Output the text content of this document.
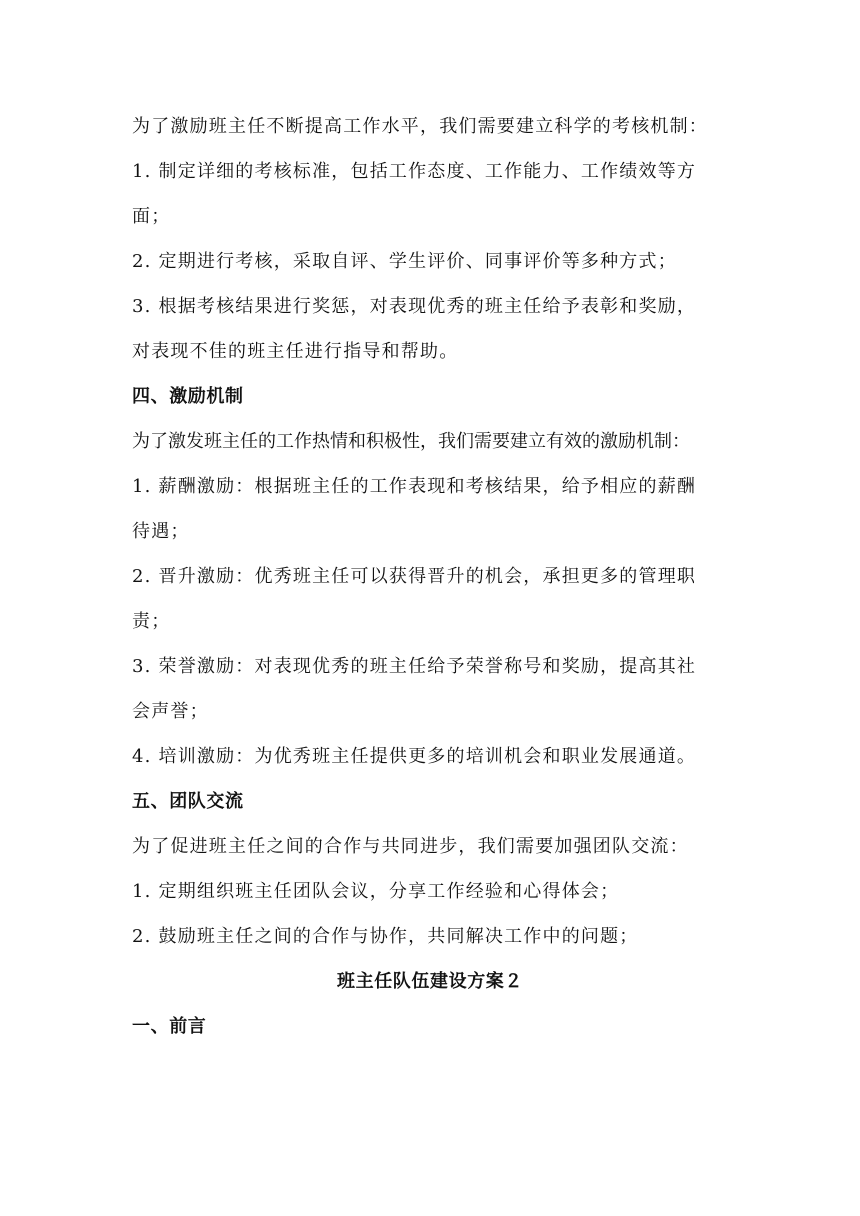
为了激励班主任不断提高工作水平，我们需要建立科学的考核机制：
1. 制定详细的考核标准，包括工作态度、工作能力、工作绩效等方
面；
2. 定期进行考核，采取自评、学生评价、同事评价等多种方式；
3. 根据考核结果进行奖惩，对表现优秀的班主任给予表彰和奖励，
对表现不佳的班主任进行指导和帮助。
四、激励机制
为了激发班主任的工作热情和积极性，我们需要建立有效的激励机制：
1. 薪酬激励：根据班主任的工作表现和考核结果，给予相应的薪酬
待遇；
2. 晋升激励：优秀班主任可以获得晋升的机会，承担更多的管理职
责；
3. 荣誉激励：对表现优秀的班主任给予荣誉称号和奖励，提高其社
会声誉；
4. 培训激励：为优秀班主任提供更多的培训机会和职业发展通道。
五、团队交流
为了促进班主任之间的合作与共同进步，我们需要加强团队交流：
1. 定期组织班主任团队会议，分享工作经验和心得体会；
2. 鼓励班主任之间的合作与协作，共同解决工作中的问题；
班主任队伍建设方案２
一、前言
